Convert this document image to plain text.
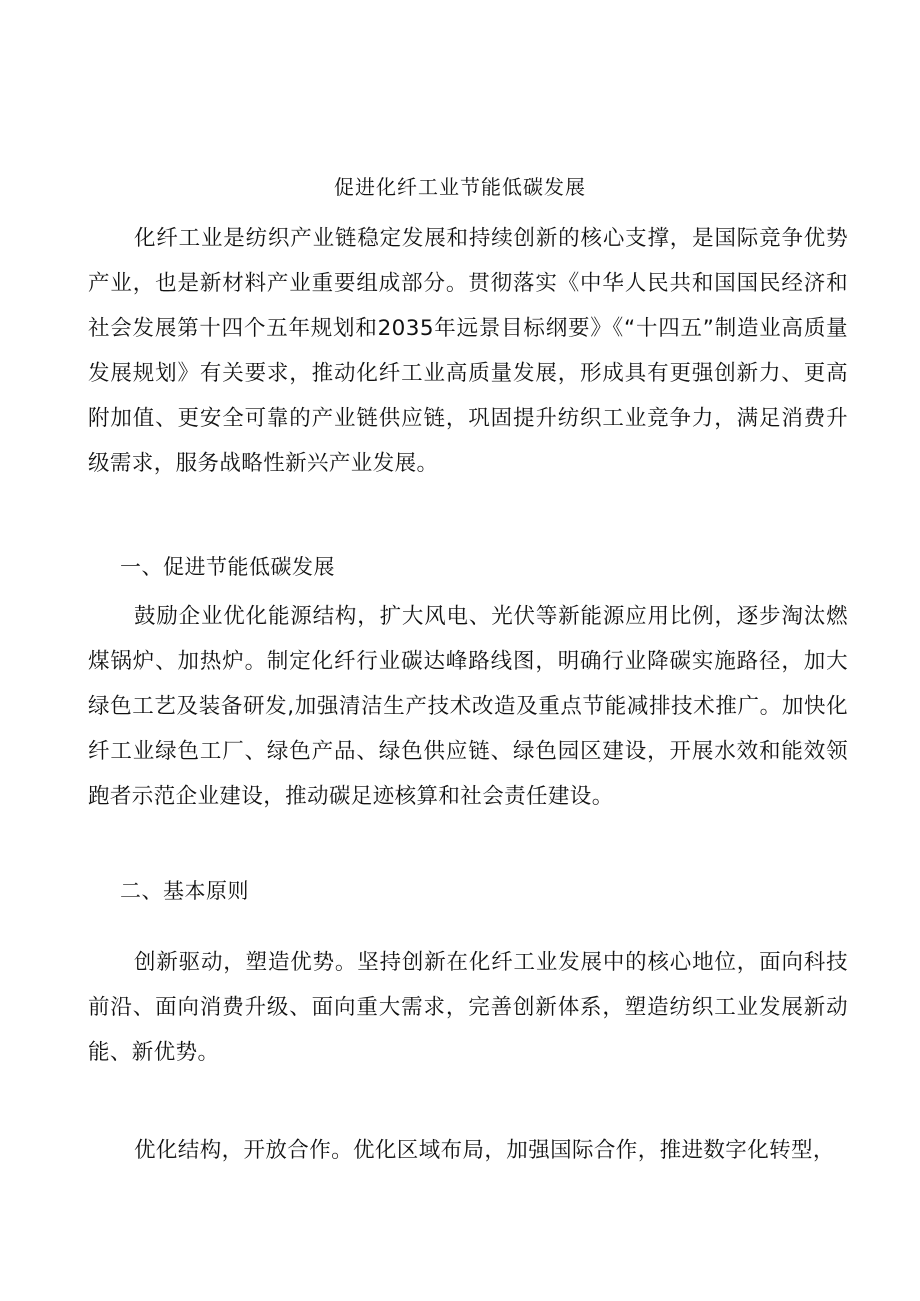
促进化纤工业节能低碳发展

化纤工业是纺织产业链稳定发展和持续创新的核心支撑，是国际竞争优势产业，也是新材料产业重要组成部分。贯彻落实《中华人民共和国国民经济和社会发展第十四个五年规划和2035年远景目标纲要》《“十四五”制造业高质量发展规划》有关要求，推动化纤工业高质量发展，形成具有更强创新力、更高附加值、更安全可靠的产业链供应链，巩固提升纺织工业竞争力，满足消费升级需求，服务战略性新兴产业发展。

一、促进节能低碳发展

鼓励企业优化能源结构，扩大风电、光伏等新能源应用比例，逐步淘汰燃煤锅炉、加热炉。制定化纤行业碳达峰路线图，明确行业降碳实施路径，加大绿色工艺及装备研发,加强清洁生产技术改造及重点节能减排技术推广。加快化纤工业绿色工厂、绿色产品、绿色供应链、绿色园区建设，开展水效和能效领跑者示范企业建设，推动碳足迹核算和社会责任建设。

二、基本原则

创新驱动，塑造优势。坚持创新在化纤工业发展中的核心地位，面向科技前沿、面向消费升级、面向重大需求，完善创新体系，塑造纺织工业发展新动能、新优势。

优化结构，开放合作。优化区域布局，加强国际合作，推进数字化转型，
